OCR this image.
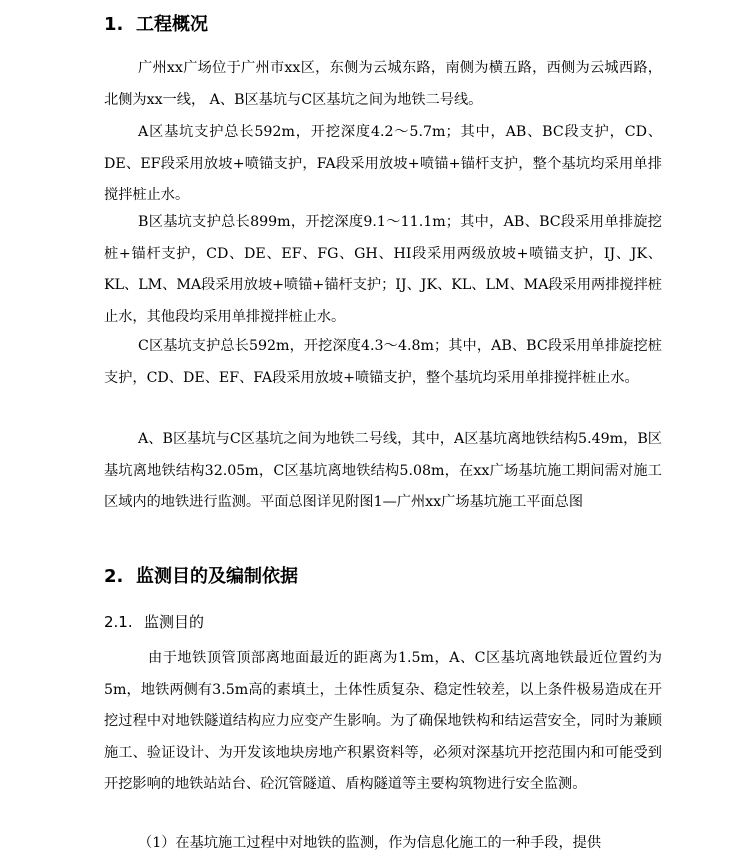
1. 工程概况

广州xx广场位于广州市xx区，东侧为云城东路，南侧为横五路，西侧为云城西路，北侧为xx一线， A、B区基坑与C区基坑之间为地铁二号线。

A区基坑支护总长592m，开挖深度4.2～5.7m；其中，AB、BC段支护，CD、DE、EF段采用放坡+喷锚支护，FA段采用放坡+喷锚+锚杆支护，整个基坑均采用单排搅拌桩止水。

B区基坑支护总长899m，开挖深度9.1～11.1m；其中，AB、BC段采用单排旋挖桩+锚杆支护，CD、DE、EF、FG、GH、HI段采用两级放坡+喷锚支护，IJ、JK、KL、LM、MA段采用放坡+喷锚+锚杆支护；IJ、JK、KL、LM、MA段采用两排搅拌桩止水，其他段均采用单排搅拌桩止水。

C区基坑支护总长592m，开挖深度4.3～4.8m；其中，AB、BC段采用单排旋挖桩支护，CD、DE、EF、FA段采用放坡+喷锚支护，整个基坑均采用单排搅拌桩止水。

A、B区基坑与C区基坑之间为地铁二号线，其中，A区基坑离地铁结构5.49m，B区基坑离地铁结构32.05m，C区基坑离地铁结构5.08m，在xx广场基坑施工期间需对施工区域内的地铁进行监测。平面总图详见附图1—广州xx广场基坑施工平面总图

2. 监测目的及编制依据
2.1. 监测目的

由于地铁顶管顶部离地面最近的距离为1.5m，A、C区基坑离地铁最近位置约为5m，地铁两侧有3.5m高的素填土，土体性质复杂、稳定性较差，以上条件极易造成在开挖过程中对地铁隧道结构应力应变产生影响。为了确保地铁构和结运营安全，同时为兼顾施工、验证设计、为开发该地块房地产积累资料等，必须对深基坑开挖范围内和可能受到开挖影响的地铁站站台、砼沉管隧道、盾构隧道等主要构筑物进行安全监测。

（1）在基坑施工过程中对地铁的监测，作为信息化施工的一种手段，提供
